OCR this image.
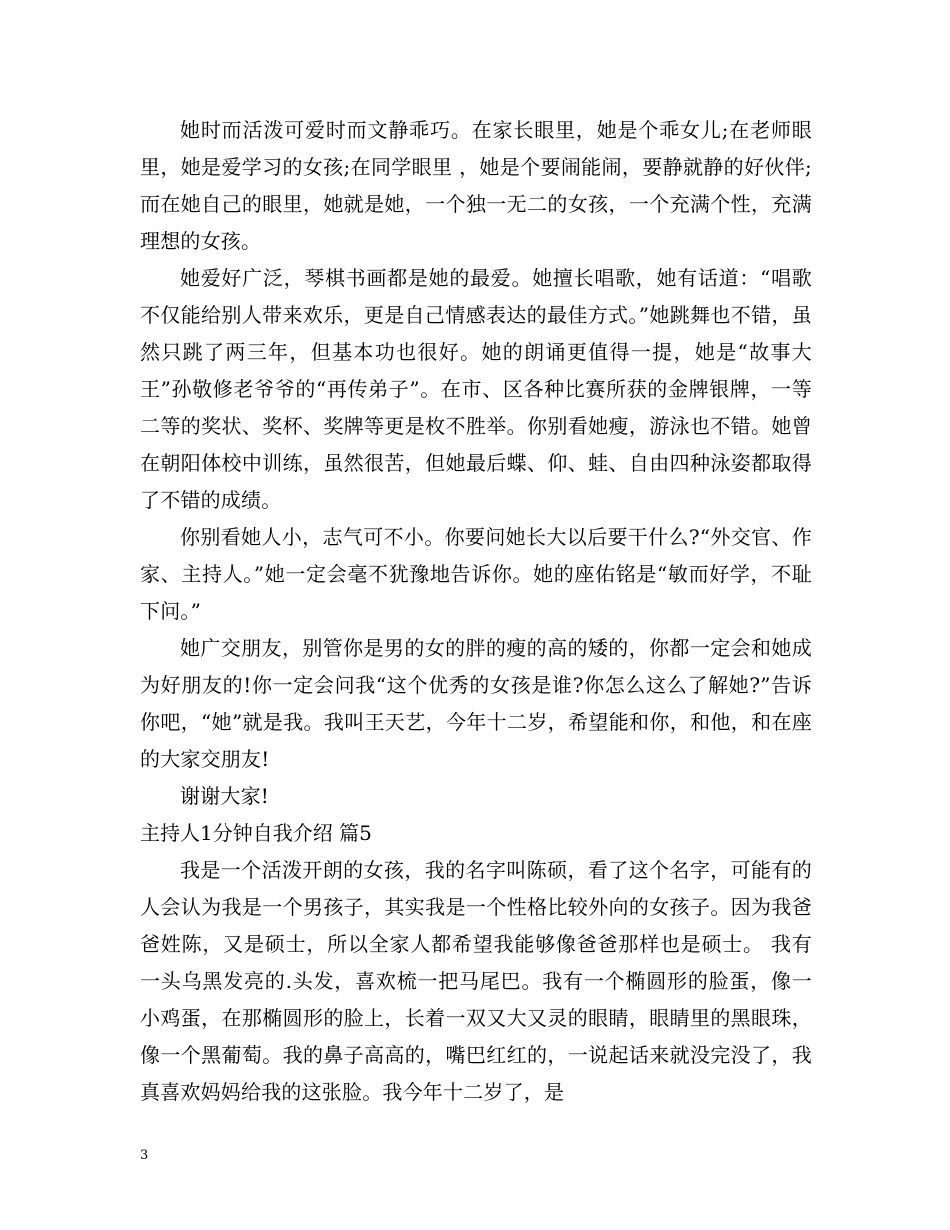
她时而活泼可爱时而文静乖巧。在家长眼里，她是个乖女儿;在老师眼里，她是爱学习的女孩;在同学眼里 ，她是个要闹能闹，要静就静的好伙伴;而在她自己的眼里，她就是她，一个独一无二的女孩，一个充满个性，充满理想的女孩。

她爱好广泛，琴棋书画都是她的最爱。她擅长唱歌，她有话道：“唱歌不仅能给别人带来欢乐，更是自己情感表达的最佳方式。”她跳舞也不错，虽然只跳了两三年，但基本功也很好。她的朗诵更值得一提，她是“故事大王”孙敬修老爷爷的“再传弟子”。在市、区各种比赛所获的金牌银牌，一等二等的奖状、奖杯、奖牌等更是枚不胜举。你别看她瘦，游泳也不错。她曾在朝阳体校中训练，虽然很苦，但她最后蝶、仰、蛙、自由四种泳姿都取得了不错的成绩。

你别看她人小，志气可不小。你要问她长大以后要干什么?“外交官、作家、主持人。”她一定会毫不犹豫地告诉你。她的座佑铭是“敏而好学，不耻下问。”

她广交朋友，别管你是男的女的胖的瘦的高的矮的，你都一定会和她成为好朋友的!你一定会问我“这个优秀的女孩是谁?你怎么这么了解她?”告诉你吧，“她”就是我。我叫王天艺，今年十二岁，希望能和你，和他，和在座的大家交朋友!

谢谢大家!

主持人1分钟自我介绍 篇5

我是一个活泼开朗的女孩，我的名字叫陈硕，看了这个名字，可能有的人会认为我是一个男孩子，其实我是一个性格比较外向的女孩子。因为我爸爸姓陈，又是硕士，所以全家人都希望我能够像爸爸那样也是硕士。 我有一头乌黑发亮的.头发，喜欢梳一把马尾巴。我有一个椭圆形的脸蛋，像一小鸡蛋，在那椭圆形的脸上，长着一双又大又灵的眼睛，眼睛里的黑眼珠，像一个黑葡萄。我的鼻子高高的，嘴巴红红的，一说起话来就没完没了，我真喜欢妈妈给我的这张脸。我今年十二岁了，是

3
